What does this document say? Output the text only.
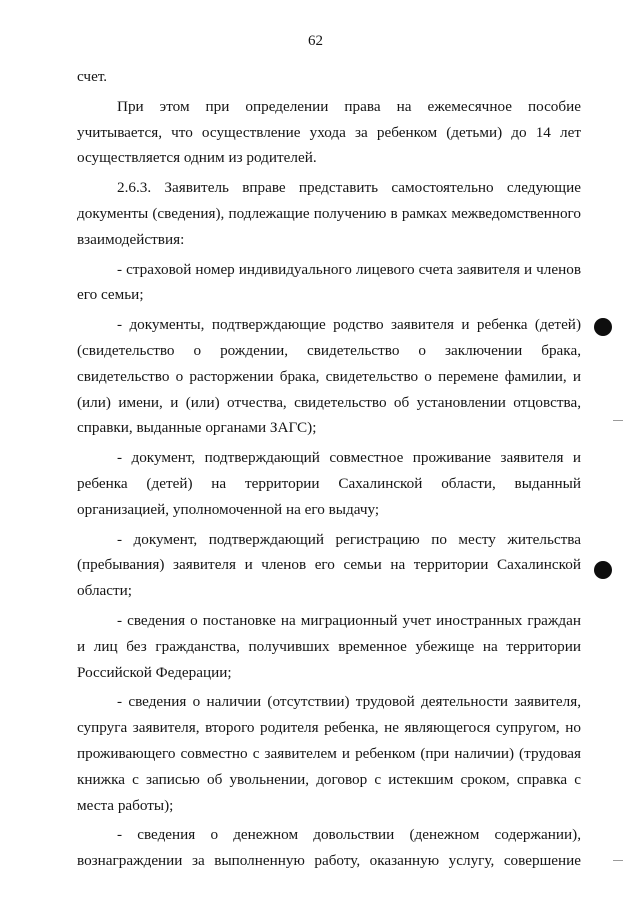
62

счет.

При этом при определении права на ежемесячное пособие учитывается, что осуществление ухода за ребенком (детьми) до 14 лет осуществляется одним из родителей.

2.6.3. Заявитель вправе представить самостоятельно следующие документы (сведения), подлежащие получению в рамках межведомственного взаимодействия:

- страховой номер индивидуального лицевого счета заявителя и членов его семьи;

- документы, подтверждающие родство заявителя и ребенка (детей) (свидетельство о рождении, свидетельство о заключении брака, свидетельство о расторжении брака, свидетельство о перемене фамилии, и (или) имени, и (или) отчества, свидетельство об установлении отцовства, справки, выданные органами ЗАГС);

- документ, подтверждающий совместное проживание заявителя и ребенка (детей) на территории Сахалинской области, выданный организацией, уполномоченной на его выдачу;

- документ, подтверждающий регистрацию по месту жительства (пребывания) заявителя и членов его семьи на территории Сахалинской области;

- сведения о постановке на миграционный учет иностранных граждан и лиц без гражданства, получивших временное убежище на территории Российской Федерации;

- сведения о наличии (отсутствии) трудовой деятельности заявителя, супруга заявителя, второго родителя ребенка, не являющегося супругом, но проживающего совместно с заявителем и ребенком (при наличии) (трудовая книжка с записью об увольнении, договор с истекшим сроком, справка с места работы);

- сведения о денежном довольствии (денежном содержании), вознаграждении за выполненную работу, оказанную услугу, совершение
